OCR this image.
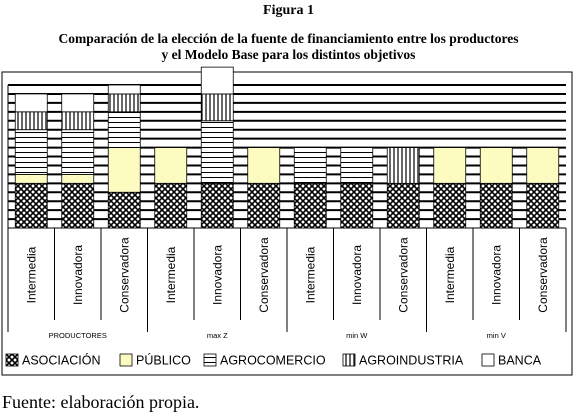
Figura 1
Comparación de la elección de la fuente de financiamiento entre los productores
y el Modelo Base para los distintos objetivos
Intermedia	Innovadora	Conservadora
PRODUCTORES
Intermedia	Innovadora	Conservadora
max Z
Intermedia	Innovadora	Conservadora
min W
Intermedia	Innovadora	Conservadora
min V
ASOCIACIÓN	PÚBLICO AGROCOMERCIO	AGROINDUSTRIA	BANCA
Fuente: elaboración propia.
